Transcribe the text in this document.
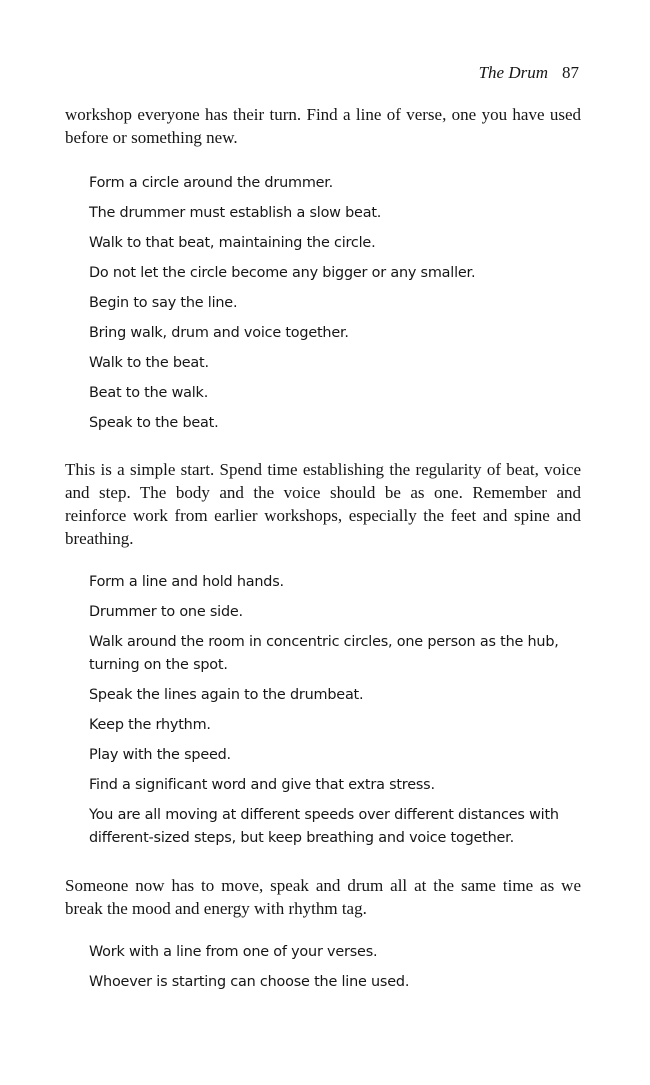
The Drum 87

workshop everyone has their turn. Find a line of verse, one you have used before or something new.

Form a circle around the drummer.
The drummer must establish a slow beat.
Walk to that beat, maintaining the circle.
Do not let the circle become any bigger or any smaller.
Begin to say the line.
Bring walk, drum and voice together.
Walk to the beat.
Beat to the walk.
Speak to the beat.

This is a simple start. Spend time establishing the regularity of beat, voice and step. The body and the voice should be as one. Remember and reinforce work from earlier workshops, especially the feet and spine and breathing.

Form a line and hold hands.
Drummer to one side.
Walk around the room in concentric circles, one person as the hub, turning on the spot.
Speak the lines again to the drumbeat.
Keep the rhythm.
Play with the speed.
Find a significant word and give that extra stress.
You are all moving at different speeds over different distances with different-sized steps, but keep breathing and voice together.

Someone now has to move, speak and drum all at the same time as we break the mood and energy with rhythm tag.

Work with a line from one of your verses.
Whoever is starting can choose the line used.
